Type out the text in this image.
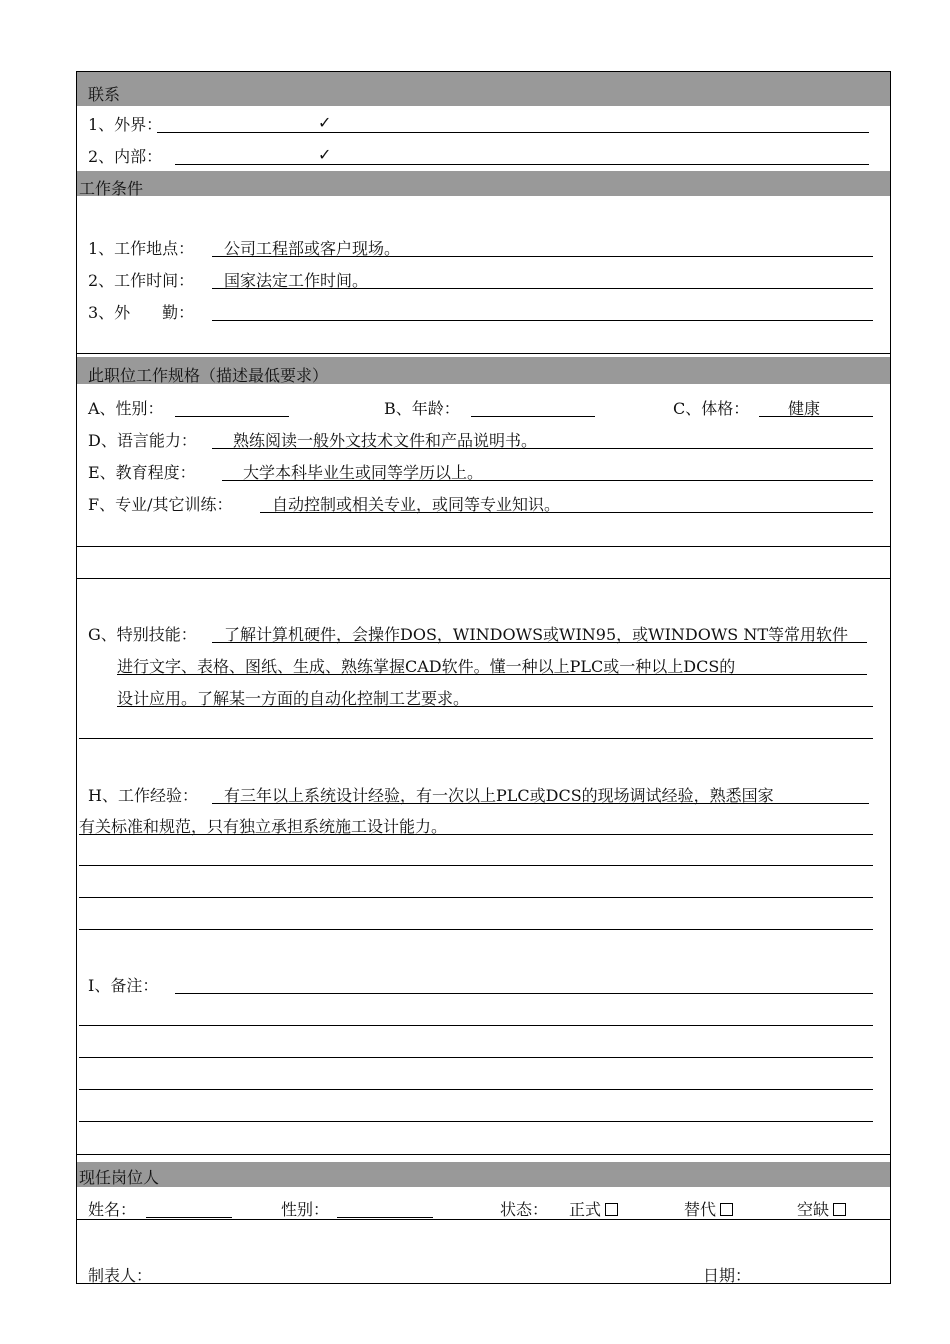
联系
1、外界：	✓
2、内部：	✓
工作条件
1、工作地点： 公司工程部或客户现场。
2、工作时间： 国家法定工作时间。
3、外　　勤：
此职位工作规格（描述最低要求）
A、性别：	B、年龄：	C、体格： 健康
D、语言能力： 熟练阅读一般外文技术文件和产品说明书。
E、教育程度：	大学本科毕业生或同等学历以上。
F、专业/其它训练： 自动控制或相关专业，或同等专业知识。
G、特别技能： 了解计算机硬件，会操作DOS，WINDOWS或WIN95，或WINDOWS NT等常用软件
进行文字、表格、图纸、生成、熟练掌握CAD软件。懂一种以上PLC或一种以上DCS的
设计应用。了解某一方面的自动化控制工艺要求。
H、工作经验： 有三年以上系统设计经验，有一次以上PLC或DCS的现场调试经验，熟悉国家
有关标准和规范，只有独立承担系统施工设计能力。
I、备注：
现任岗位人
姓名：	性别：	状态： 正式	替代	空缺
制表人：	日期：
